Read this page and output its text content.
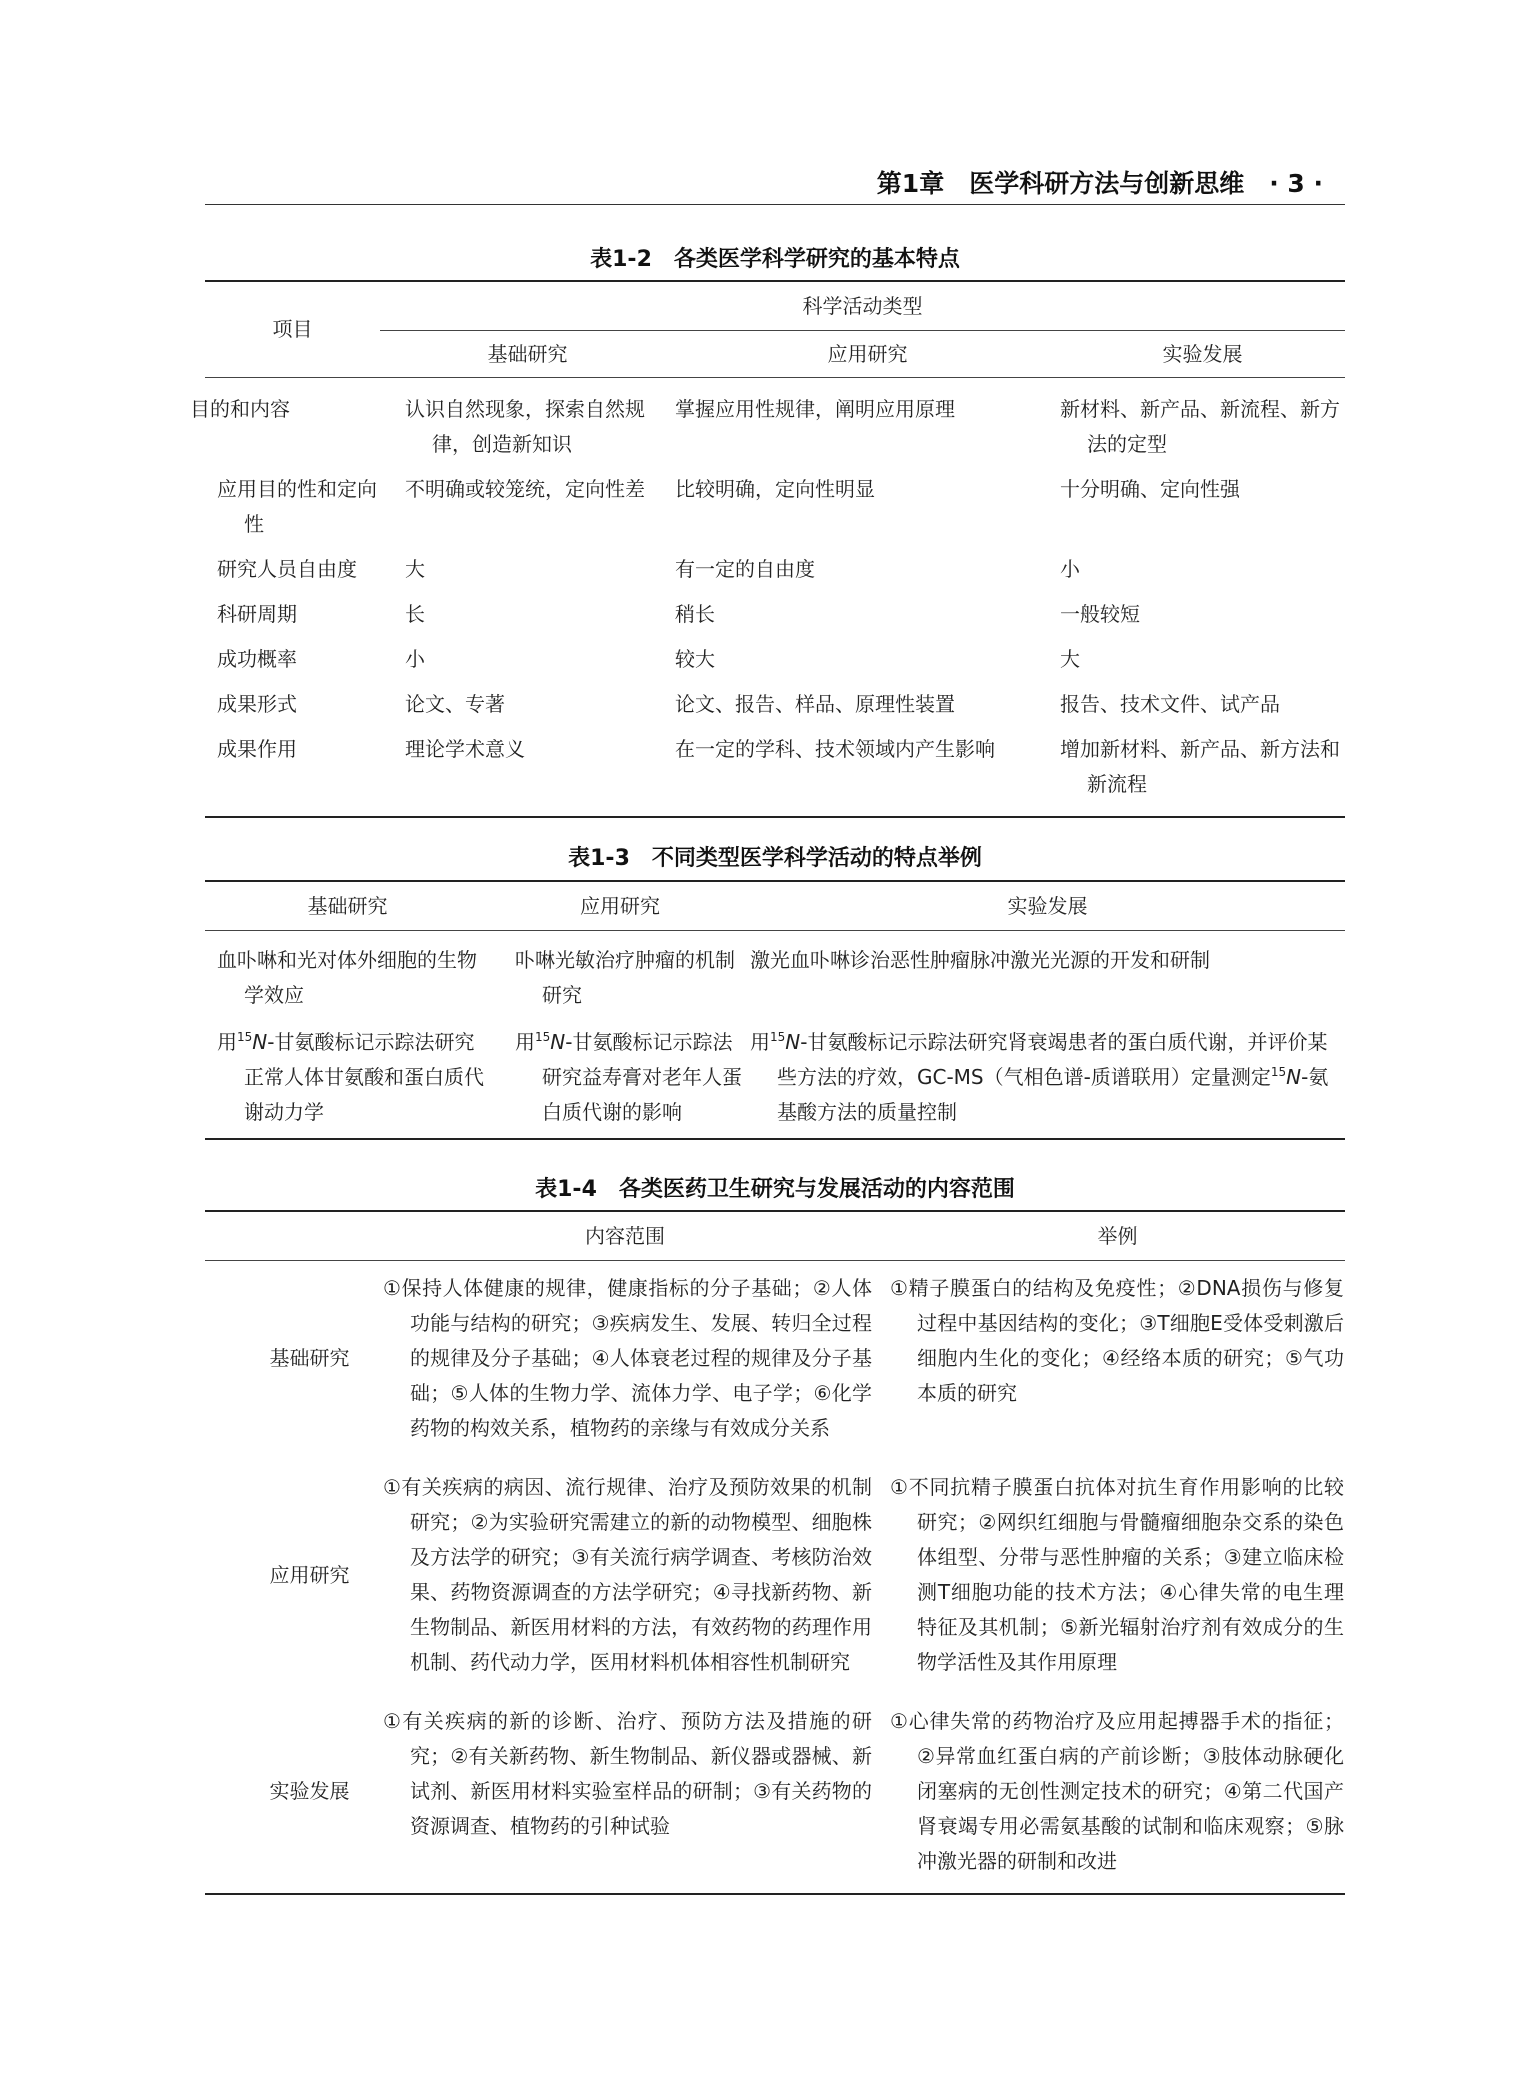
第1章　医学科研方法与创新思维　· 3 ·
表1-2　各类医学科学研究的基本特点
项目	科学活动类型		
	基础研究	应用研究	实验发展
目的和内容	认识自然现象，探索自然规律，创造新知识	掌握应用性规律，阐明应用原理	新材料、新产品、新流程、新方法的定型
应用目的性和定向性	不明确或较笼统，定向性差	比较明确，定向性明显	十分明确、定向性强
研究人员自由度	大	有一定的自由度	小
科研周期	长	稍长	一般较短
成功概率	小	较大	大
成果形式	论文、专著	论文、报告、样品、原理性装置	报告、技术文件、试产品
成果作用	理论学术意义	在一定的学科、技术领域内产生影响	增加新材料、新产品、新方法和新流程
表1-3　不同类型医学科学活动的特点举例
基础研究	应用研究	实验发展
血卟啉和光对体外细胞的生物学效应	卟啉光敏治疗肿瘤的机制研究	激光血卟啉诊治恶性肿瘤脉冲激光光源的开发和研制
用$^{15}$N-甘氨酸标记示踪法研究正常人体甘氨酸和蛋白质代谢动力学	用$^{15}$N-甘氨酸标记示踪法研究益寿膏对老年人蛋白质代谢的影响	用$^{15}$N-甘氨酸标记示踪法研究肾衰竭患者的蛋白质代谢，并评价某些方法的疗效，GC-MS（气相色谱-质谱联用）定量测定$^{15}$N-氨基酸方法的质量控制
表1-4　各类医药卫生研究与发展活动的内容范围
	内容范围	举例
基础研究	①保持人体健康的规律，健康指标的分子基础；②人体功能与结构的研究；③疾病发生、发展、转归全过程的规律及分子基础；④人体衰老过程的规律及分子基础；⑤人体的生物力学、流体力学、电子学；⑥化学药物的构效关系，植物药的亲缘与有效成分关系	①精子膜蛋白的结构及免疫性；②DNA损伤与修复过程中基因结构的变化；③T细胞E受体受刺激后细胞内生化的变化；④经络本质的研究；⑤气功本质的研究
应用研究	①有关疾病的病因、流行规律、治疗及预防效果的机制研究；②为实验研究需建立的新的动物模型、细胞株及方法学的研究；③有关流行病学调查、考核防治效果、药物资源调查的方法学研究；④寻找新药物、新生物制品、新医用材料的方法，有效药物的药理作用机制、药代动力学，医用材料机体相容性机制研究	①不同抗精子膜蛋白抗体对抗生育作用影响的比较研究；②网织红细胞与骨髓瘤细胞杂交系的染色体组型、分带与恶性肿瘤的关系；③建立临床检测T细胞功能的技术方法；④心律失常的电生理特征及其机制；⑤新光辐射治疗剂有效成分的生物学活性及其作用原理
实验发展	①有关疾病的新的诊断、治疗、预防方法及措施的研究；②有关新药物、新生物制品、新仪器或器械、新试剂、新医用材料实验室样品的研制；③有关药物的资源调查、植物药的引种试验	①心律失常的药物治疗及应用起搏器手术的指征；②异常血红蛋白病的产前诊断；③肢体动脉硬化闭塞病的无创性测定技术的研究；④第二代国产肾衰竭专用必需氨基酸的试制和临床观察；⑤脉冲激光器的研制和改进
